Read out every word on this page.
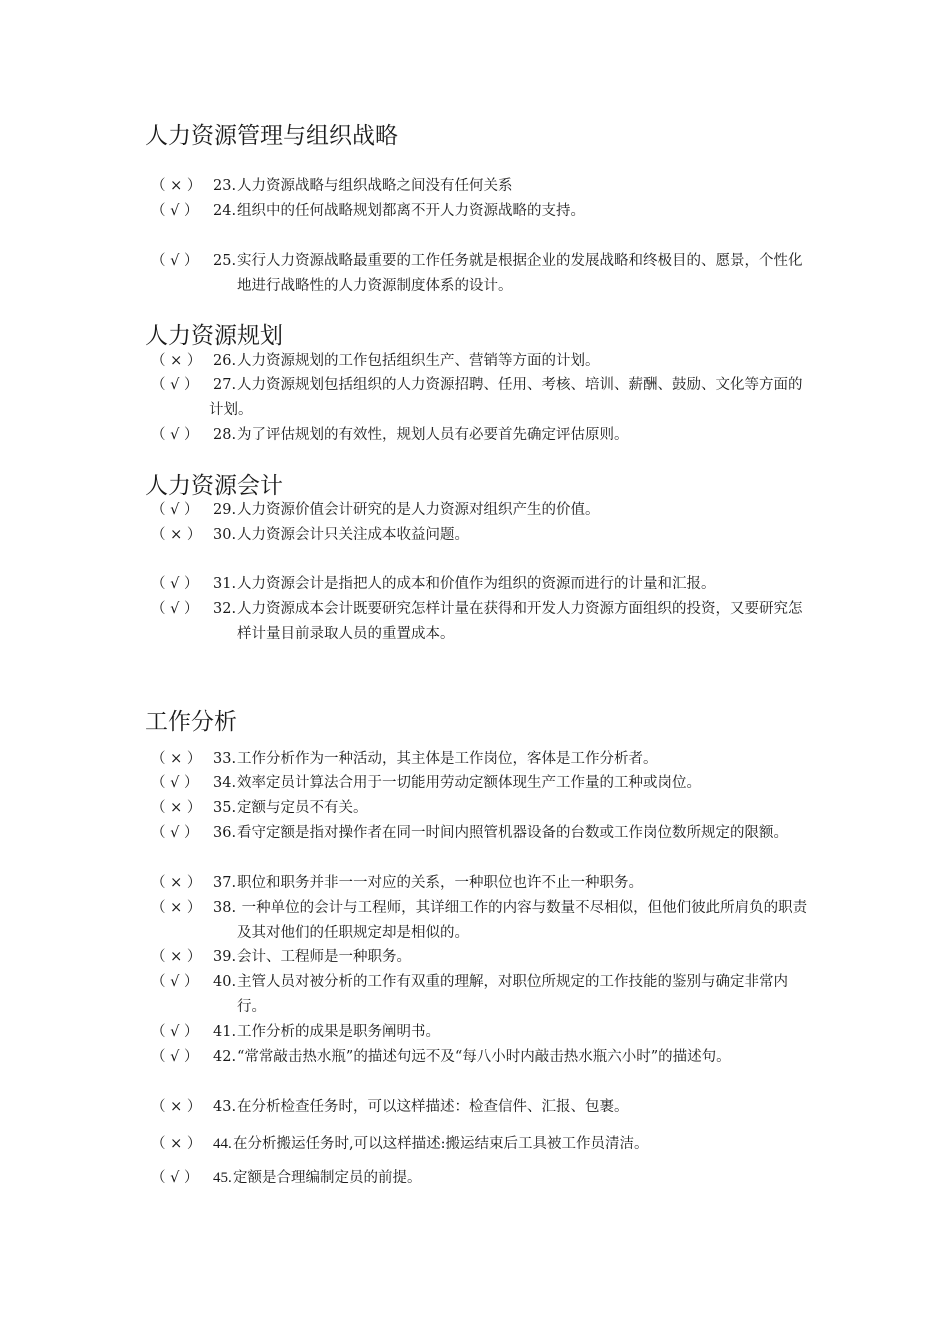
人力资源管理与组织战略
（ × ） 23. 人力资源战略与组织战略之间没有任何关系
（ √ ） 24. 组织中的任何战略规划都离不开人力资源战略的支持。
（ √ ） 25. 实行人力资源战略最重要的工作任务就是根据企业的发展战略和终极目的、愿景，个性化地进行战略性的人力资源制度体系的设计。
人力资源规划
（ × ） 26. 人力资源规划的工作包括组织生产、营销等方面的计划。
（ √ ） 27. 人力资源规划包括组织的人力资源招聘、任用、考核、培训、薪酬、鼓励、文化等方面的计划。
（ √ ） 28. 为了评估规划的有效性，规划人员有必要首先确定评估原则。
人力资源会计
（ √ ） 29. 人力资源价值会计研究的是人力资源对组织产生的价值。
（ × ） 30. 人力资源会计只关注成本收益问题。
（ √ ） 31. 人力资源会计是指把人的成本和价值作为组织的资源而进行的计量和汇报。
（ √ ） 32. 人力资源成本会计既要研究怎样计量在获得和开发人力资源方面组织的投资，又要研究怎样计量目前录取人员的重置成本。
工作分析
（ × ） 33. 工作分析作为一种活动，其主体是工作岗位，客体是工作分析者。
（ √ ） 34. 效率定员计算法合用于一切能用劳动定额体现生产工作量的工种或岗位。
（ × ） 35. 定额与定员不有关。
（ √ ） 36. 看守定额是指对操作者在同一时间内照管机器设备的台数或工作岗位数所规定的限额。
（ × ） 37. 职位和职务并非一一对应的关系，一种职位也许不止一种职务。
（ × ） 38. 一种单位的会计与工程师，其详细工作的内容与数量不尽相似，但他们彼此所肩负的职责及其对他们的任职规定却是相似的。
（ × ） 39. 会计、工程师是一种职务。
（ √ ） 40. 主管人员对被分析的工作有双重的理解，对职位所规定的工作技能的鉴别与确定非常内行。
（ √ ） 41. 工作分析的成果是职务阐明书。
（ √ ） 42. “常常敲击热水瓶”的描述句远不及“每八小时内敲击热水瓶六小时”的描述句。
（ × ） 43. 在分析检查任务时，可以这样描述：检查信件、汇报、包裹。
（ × ） 44. 在分析搬运任务时,可以这样描述:搬运结束后工具被工作员清洁。
（ √ ） 45. 定额是合理编制定员的前提。
